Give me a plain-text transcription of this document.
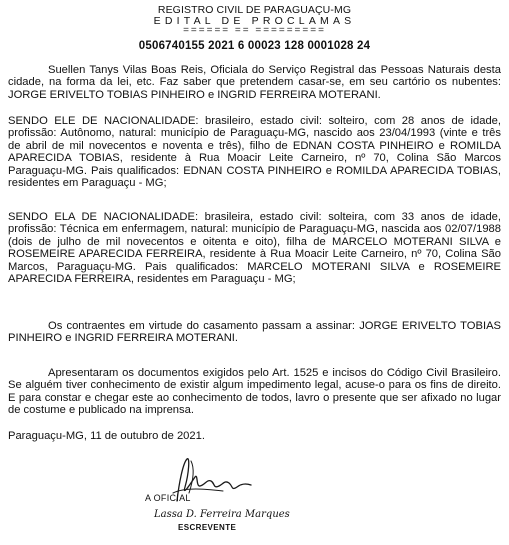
REGISTRO CIVIL DE PARAGUAÇU-MG
EDITAL DE PROCLAMAS
====== == =========
0506740155 2021 6 00023 128 0001028 24

Suellen Tanys Vilas Boas Reis, Oficiala do Serviço Registral das Pessoas Naturais desta cidade, na forma da lei, etc. Faz saber que pretendem casar-se, em seu cartório os nubentes: JORGE ERIVELTO TOBIAS PINHEIRO e INGRID FERREIRA MOTERANI.

SENDO ELE DE NACIONALIDADE: brasileiro, estado civil: solteiro, com 28 anos de idade, profissão: Autônomo, natural: município de Paraguaçu-MG, nascido aos 23/04/1993 (vinte e três de abril de mil novecentos e noventa e três), filho de EDNAN COSTA PINHEIRO e ROMILDA APARECIDA TOBIAS, residente à Rua Moacir Leite Carneiro, nº 70, Colina São Marcos Paraguaçu-MG. Pais qualificados: EDNAN COSTA PINHEIRO e ROMILDA APARECIDA TOBIAS, residentes em Paraguaçu - MG;

SENDO ELA DE NACIONALIDADE: brasileira, estado civil: solteira, com 33 anos de idade, profissão: Técnica em enfermagem, natural: município de Paraguaçu-MG, nascida aos 02/07/1988 (dois de julho de mil novecentos e oitenta e oito), filha de MARCELO MOTERANI SILVA e ROSEMEIRE APARECIDA FERREIRA, residente à Rua Moacir Leite Carneiro, nº 70, Colina São Marcos, Paraguaçu-MG. Pais qualificados: MARCELO MOTERANI SILVA e ROSEMEIRE APARECIDA FERREIRA, residentes em Paraguaçu - MG;

Os contraentes em virtude do casamento passam a assinar: JORGE ERIVELTO TOBIAS PINHEIRO e INGRID FERREIRA MOTERANI.

Apresentaram os documentos exigidos pelo Art. 1525 e incisos do Código Civil Brasileiro. Se alguém tiver conhecimento de existir algum impedimento legal, acuse-o para os fins de direito. E para constar e chegar este ao conhecimento de todos, lavro o presente que ser afixado no lugar de costume e publicado na imprensa.

Paraguaçu-MG, 11 de outubro de 2021.
A OFICIAL
Lassa D. Ferreira Marques
ESCREVENTE
